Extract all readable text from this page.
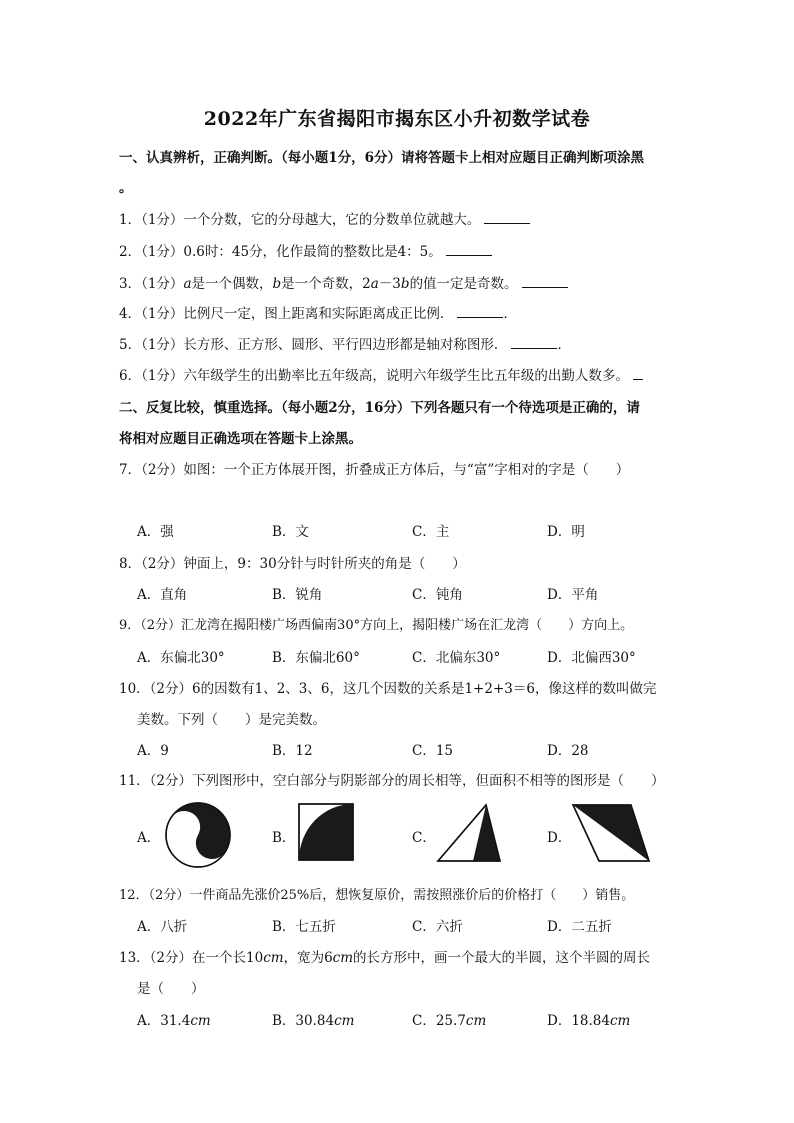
2022年广东省揭阳市揭东区小升初数学试卷
一、认真辨析，正确判断。（每小题1分，6分）请将答题卡上相对应题目正确判断项涂黑
。
1．（1分）一个分数，它的分母越大，它的分数单位就越大。
2．（1分）0.6时：45分，化作最简的整数比是4：5。
3．（1分）a是一个偶数，b是一个奇数，2a－3b的值一定是奇数。
4．（1分）比例尺一定，图上距离和实际距离成正比例．	．
5．（1分）长方形、正方形、圆形、平行四边形都是轴对称图形．	．
6．（1分）六年级学生的出勤率比五年级高，说明六年级学生比五年级的出勤人数多。
二、反复比较，慎重选择。（每小题2分，16分）下列各题只有一个待选项是正确的，请
将相对应题目正确选项在答题卡上涂黑。
7．（2分）如图：一个正方体展开图，折叠成正方体后，与“富”字相对的字是（　　）
A．强	B．文	C．主	D．明
8．（2分）钟面上，9：30分针与时针所夹的角是（　　）
A．直角	B．锐角	C．钝角	D．平角
9．（2分）汇龙湾在揭阳楼广场西偏南30°方向上，揭阳楼广场在汇龙湾（　　）方向上。
A．东偏北30°	B．东偏北60°	C．北偏东30°	D．北偏西30°
10．（2分）6的因数有1、2、3、6，这几个因数的关系是1+2+3＝6，像这样的数叫做完
美数。下列（　　）是完美数。
A．9	B．12	C．15	D．28
11．（2分）下列图形中，空白部分与阴影部分的周长相等，但面积不相等的图形是（　　）
A．	B．	C．	D．
12．（2分）一件商品先涨价25%后，想恢复原价，需按照涨价后的价格打（　　）销售。
A．八折	B．七五折	C．六折	D．二五折
13．（2分）在一个长10cm，宽为6cm的长方形中，画一个最大的半圆，这个半圆的周长
是（　　）
A．31.4cm	B．30.84cm	C．25.7cm	D．18.84cm
